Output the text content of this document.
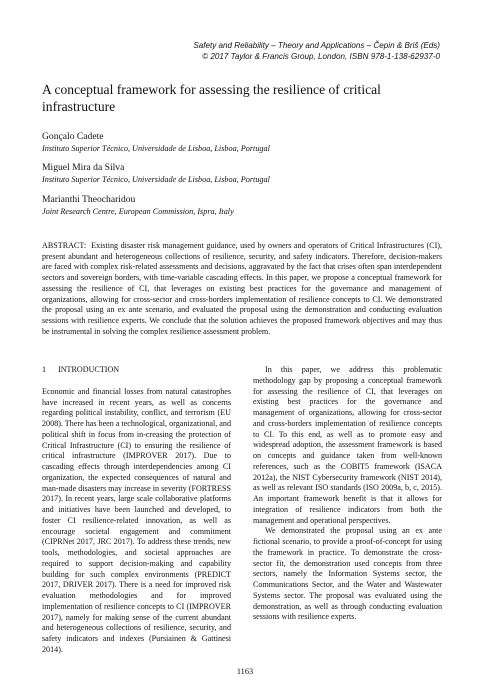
Safety and Reliability – Theory and Applications – Čepin & Briš (Eds)
© 2017 Taylor & Francis Group, London, ISBN 978-1-138-62937-0
A conceptual framework for assessing the resilience of critical infrastructure
Gonçalo Cadete
Instituto Superior Técnico, Universidade de Lisboa, Lisboa, Portugal
Miguel Mira da Silva
Instituto Superior Técnico, Universidade de Lisboa, Lisboa, Portugal
Marianthi Theocharidou
Joint Research Centre, European Commission, Ispra, Italy
ABSTRACT: Existing disaster risk management guidance, used by owners and operators of Critical Infrastructures (CI), present abundant and heterogeneous collections of resilience, security, and safety indicators. Therefore, decision-makers are faced with complex risk-related assessments and decisions, aggravated by the fact that crises often span interdependent sectors and sovereign borders, with time-variable cascading effects. In this paper, we propose a conceptual framework for assessing the resilience of CI, that leverages on existing best practices for the governance and management of organizations, allowing for cross-sector and cross-borders implementation of resilience concepts to CI. We demonstrated the proposal using an ex ante scenario, and evaluated the proposal using the demonstration and conducting evaluation sessions with resilience experts. We conclude that the solution achieves the proposed framework objectives and may thus be instrumental in solving the complex resilience assessment problem.
1 INTRODUCTION

Economic and financial losses from natural catastrophes have increased in recent years, as well as concerns regarding political instability, conflict, and terrorism (EU 2008). There has been a technological, organizational, and political shift in focus from in-creasing the protection of Critical Infrastructure (CI) to ensuring the resilience of critical infrastructure (IMPROVER 2017). Due to cascading effects through interdependencies among CI organization, the expected consequences of natural and man-made disasters may increase in severity (FORTRESS 2017). In recent years, large scale collaborative platforms and initiatives have been launched and developed, to foster CI resilience-related innovation, as well as encourage societal engagement and commitment (CIPRNet 2017, JRC 2017). To address these trends, new tools, methodologies, and societal approaches are required to support decision-making and capability building for such complex environments (PREDICT 2017, DRIVER 2017). There is a need for improved risk evaluation methodologies and for improved implementation of resilience concepts to CI (IMPROVER 2017), namely for making sense of the current abundant and heterogeneous collections of resilience, security, and safety indicators and indexes (Pursiainen & Gattinesi 2014).

In this paper, we address this problematic methodology gap by proposing a conceptual framework for assessing the resilience of CI, that leverages on existing best practices for the governance and management of organizations, allowing for cross-sector and cross-borders implementation of resilience concepts to CI. To this end, as well as to promote easy and widespread adoption, the assessment framework is based on concepts and guidance taken from well-known references, such as the COBIT5 framework (ISACA 2012a), the NIST Cybersecurity framework (NIST 2014), as well as relevant ISO standards (ISO 2009a, b, c, 2015). An important framework benefit is that it allows for integration of resilience indicators from both the management and operational perspectives.

We demonstrated the proposal using an ex ante fictional scenario, to provide a proof-of-concept for using the framework in practice. To demonstrate the cross-sector fit, the demonstration used concepts from three sectors, namely the Information Systems sector, the Communications Sector, and the Water and Wastewater Systems sector. The proposal was evaluated using the demonstration, as well as through conducting evaluation sessions with resilience experts.

1163
